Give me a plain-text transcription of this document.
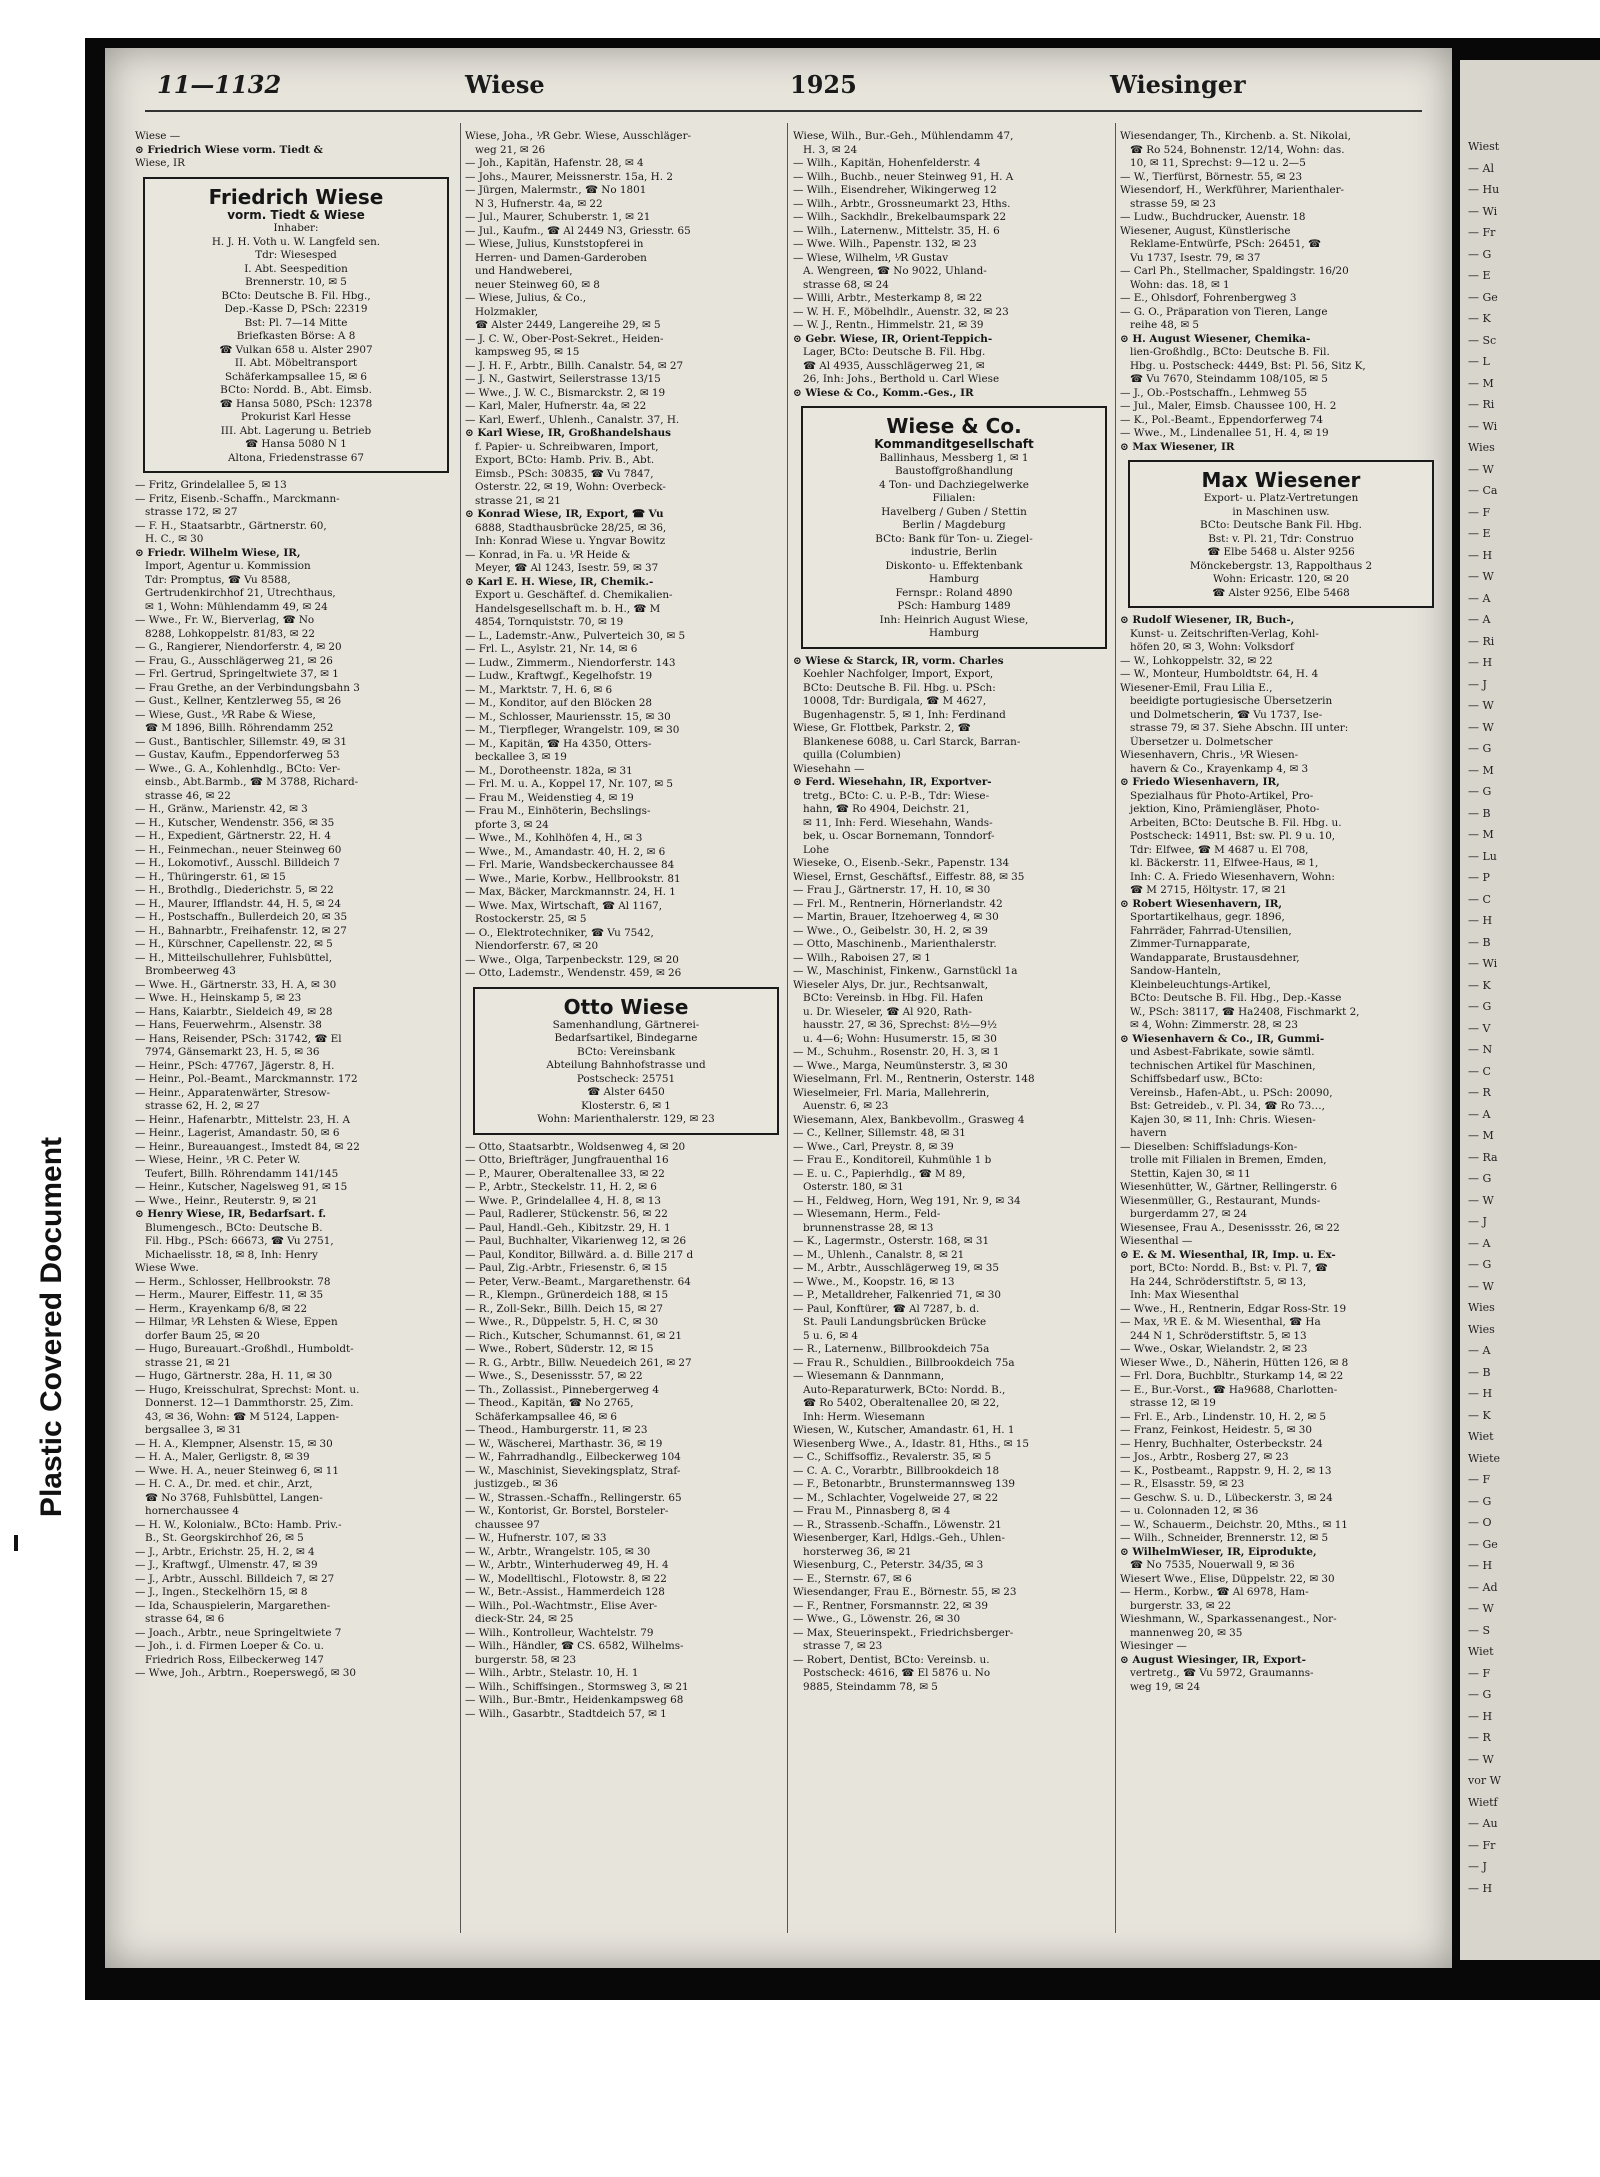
11—1132	Wiese	1925	Wiesinger
Wiese —
⊙ Friedrich Wiese vorm. Tiedt &
Wiese, IR
Friedrich Wiese
vorm. Tiedt & Wiese
Inhaber:
H. J. H. Voth u. W. Langfeld sen.
Tdr: Wiesesped
I. Abt. Seespedition
Brennerstr. 10, ✉ 5
BCto: Deutsche B. Fil. Hbg.,
Dep.-Kasse D, PSch: 22319
Bst: Pl. 7—14 Mitte
Briefkasten Börse: A 8
☎ Vulkan 658 u. Alster 2907
II. Abt. Möbeltransport
Schäferkampsallee 15, ✉ 6
BCto: Nordd. B., Abt. Eimsb.
☎ Hansa 5080, PSch: 12378
Prokurist Karl Hesse
III. Abt. Lagerung u. Betrieb
☎ Hansa 5080 N 1
Altona, Friedenstrasse 67
— Fritz, Grindelallee 5, ✉ 13
— Fritz, Eisenb.-Schaffn., Marckmann-
strasse 172, ✉ 27
— F. H., Staatsarbtr., Gärtnerstr. 60,
H. C., ✉ 30
⊙ Friedr. Wilhelm Wiese, IR,
Import, Agentur u. Kommission
Tdr: Promptus, ☎ Vu 8588,
Gertrudenkirchhof 21, Utrechthaus,
✉ 1, Wohn: Mühlendamm 49, ✉ 24
— Wwe., Fr. W., Bierverlag, ☎ No
8288, Lohkoppelstr. 81/83, ✉ 22
— G., Rangierer, Niendorferstr. 4, ✉ 20
— Frau, G., Ausschlägerweg 21, ✉ 26
— Frl. Gertrud, Springeltwiete 37, ✉ 1
— Frau Grethe, an der Verbindungsbahn 3
— Gust., Kellner, Kentzlerweg 55, ✉ 26
— Wiese, Gust., ⅟R Rabe & Wiese,
☎ M 1896, Billh. Röhrendamm 252
— Gust., Bantischler, Sillemstr. 49, ✉ 31
— Gustav, Kaufm., Eppendorferweg 53
— Wwe., G. A., Kohlenhdlg., BCto: Ver-
einsb., Abt.Barmb., ☎ M 3788, Richard-
strasse 46, ✉ 22
— H., Gränw., Marienstr. 42, ✉ 3
— H., Kutscher, Wendenstr. 356, ✉ 35
— H., Expedient, Gärtnerstr. 22, H. 4
— H., Feinmechan., neuer Steinweg 60
— H., Lokomotivf., Ausschl. Billdeich 7
— H., Thüringerstr. 61, ✉ 15
— H., Brothdlg., Diederichstr. 5, ✉ 22
— H., Maurer, Ifflandstr. 44, H. 5, ✉ 24
— H., Postschaffn., Bullerdeich 20, ✉ 35
— H., Bahnarbtr., Freihafenstr. 12, ✉ 27
— H., Kürschner, Capellenstr. 22, ✉ 5
— H., Mitteilschullehrer, Fuhlsbüttel,
Brombeerweg 43
— Wwe. H., Gärtnerstr. 33, H. A, ✉ 30
— Wwe. H., Heinskamp 5, ✉ 23
— Hans, Kaiarbtr., Sieldeich 49, ✉ 28
— Hans, Feuerwehrm., Alsenstr. 38
— Hans, Reisender, PSch: 31742, ☎ El
7974, Gänsemarkt 23, H. 5, ✉ 36
— Heinr., PSch: 47767, Jägerstr. 8, H.
— Heinr., Pol.-Beamt., Marckmannstr. 172
— Heinr., Apparatenwärter, Stresow-
strasse 62, H. 2, ✉ 27
— Heinr., Hafenarbtr., Mittelstr. 23, H. A
— Heinr., Lagerist, Amandastr. 50, ✉ 6
— Heinr., Bureauangest., Imstedt 84, ✉ 22
— Wiese, Heinr., ⅟R C. Peter W.
Teufert, Billh. Röhrendamm 141/145
— Heinr., Kutscher, Nagelsweg 91, ✉ 15
— Wwe., Heinr., Reuterstr. 9, ✉ 21
⊙ Henry Wiese, IR, Bedarfsart. f.
Blumengesch., BCto: Deutsche B.
Fil. Hbg., PSch: 66673, ☎ Vu 2751,
Michaelisstr. 18, ✉ 8, Inh: Henry
Wiese Wwe.
— Herm., Schlosser, Hellbrookstr. 78
— Herm., Maurer, Eiffestr. 11, ✉ 35
— Herm., Krayenkamp 6/8, ✉ 22
— Hilmar, ⅟R Lehsten & Wiese, Eppen
dorfer Baum 25, ✉ 20
— Hugo, Bureauart.-Großhdl., Humboldt-
strasse 21, ✉ 21
— Hugo, Gärtnerstr. 28a, H. 11, ✉ 30
— Hugo, Kreisschulrat, Sprechst: Mont. u.
Donnerst. 12—1 Dammthorstr. 25, Zim.
43, ✉ 36, Wohn: ☎ M 5124, Lappen-
bergsallee 3, ✉ 31
— H. A., Klempner, Alsenstr. 15, ✉ 30
— H. A., Maler, Gerligstr. 8, ✉ 39
— Wwe. H. A., neuer Steinweg 6, ✉ 11
— H. C. A., Dr. med. et chir., Arzt,
☎ No 3768, Fuhlsbüttel, Langen-
hornerchaussee 4
— H. W., Kolonialw., BCto: Hamb. Priv.-
B., St. Georgskirchhof 26, ✉ 5
— J., Arbtr., Erichstr. 25, H. 2, ✉ 4
— J., Kraftwgf., Ulmenstr. 47, ✉ 39
— J., Arbtr., Ausschl. Billdeich 7, ✉ 27
— J., Ingen., Steckelhörn 15, ✉ 8
— Ida, Schauspielerin, Margarethen-
strasse 64, ✉ 6
— Joach., Arbtr., neue Springeltwiete 7
— Joh., i. d. Firmen Loeper & Co. u.
Friedrich Ross, Eilbeckerweg 147
— Wwe, Joh., Arbtrn., Roeperswegő, ✉ 30
Wiese, Joha., ⅟R Gebr. Wiese, Ausschläger-
weg 21, ✉ 26
— Joh., Kapitän, Hafenstr. 28, ✉ 4
— Johs., Maurer, Meissnerstr. 15a, H. 2
— Jürgen, Malermstr., ☎ No 1801
N 3, Hufnerstr. 4a, ✉ 22
— Jul., Maurer, Schuberstr. 1, ✉ 21
— Jul., Kaufm., ☎ Al 2449 N3, Griesstr. 65
— Wiese, Julius, Kunststopferei in
Herren- und Damen-Garderoben
und Handweberei,
neuer Steinweg 60, ✉ 8
— Wiese, Julius, & Co.,
Holzmakler,
☎ Alster 2449, Langereihe 29, ✉ 5
— J. C. W., Ober-Post-Sekret., Heiden-
kampsweg 95, ✉ 15
— J. H. F., Arbtr., Billh. Canalstr. 54, ✉ 27
— J. N., Gastwirt, Seilerstrasse 13/15
— Wwe., J. W. C., Bismarckstr. 2, ✉ 19
— Karl, Maler, Hufnerstr. 4a, ✉ 22
— Karl, Ewerf., Uhlenh., Canalstr. 37, H.
⊙ Karl Wiese, IR, Großhandelshaus
f. Papier- u. Schreibwaren, Import,
Export, BCto: Hamb. Priv. B., Abt.
Eimsb., PSch: 30835, ☎ Vu 7847,
Osterstr. 22, ✉ 19, Wohn: Overbeck-
strasse 21, ✉ 21
⊙ Konrad Wiese, IR, Export, ☎ Vu
6888, Stadthausbrücke 28/25, ✉ 36,
Inh: Konrad Wiese u. Yngvar Bowitz
— Konrad, in Fa. u. ⅟R Heide &
Meyer, ☎ Al 1243, Isestr. 59, ✉ 37
⊙ Karl E. H. Wiese, IR, Chemik.-
Export u. Geschäftef. d. Chemikalien-
Handelsgesellschaft m. b. H., ☎ M
4854, Tornquiststr. 70, ✉ 19
— L., Lademstr.-Anw., Pulverteich 30, ✉ 5
— Frl. L., Asylstr. 21, Nr. 14, ✉ 6
— Ludw., Zimmerm., Niendorferstr. 143
— Ludw., Kraftwgf., Kegelhofstr. 19
— M., Marktstr. 7, H. 6, ✉ 6
— M., Konditor, auf den Blöcken 28
— M., Schlosser, Mauriensstr. 15, ✉ 30
— M., Tierpfleger, Wrangelstr. 109, ✉ 30
— M., Kapitän, ☎ Ha 4350, Otters-
beckallee 3, ✉ 19
— M., Dorotheenstr. 182a, ✉ 31
— Frl. M. u. A., Koppel 17, Nr. 107, ✉ 5
— Frau M., Weidenstieg 4, ✉ 19
— Frau M., Einhöterin, Bechslings-
pforte 3, ✉ 24
— Wwe., M., Kohlhöfen 4, H., ✉ 3
— Wwe., M., Amandastr. 40, H. 2, ✉ 6
— Frl. Marie, Wandsbeckerchaussee 84
— Wwe., Marie, Korbw., Hellbrookstr. 81
— Max, Bäcker, Marckmannstr. 24, H. 1
— Wwe. Max, Wirtschaft, ☎ Al 1167,
Rostockerstr. 25, ✉ 5
— O., Elektrotechniker, ☎ Vu 7542,
Niendorferstr. 67, ✉ 20
— Wwe., Olga, Tarpenbeckstr. 129, ✉ 20
— Otto, Lademstr., Wendenstr. 459, ✉ 26
Otto Wiese
Samenhandlung, Gärtnerei-
Bedarfsartikel, Bindegarne
BCto: Vereinsbank
Abteilung Bahnhofstrasse und
Postscheck: 25751
☎ Alster 6450
Klosterstr. 6, ✉ 1
Wohn: Marienthalerstr. 129, ✉ 23
— Otto, Staatsarbtr., Woldsenweg 4, ✉ 20
— Otto, Briefträger, Jungfrauenthal 16
— P., Maurer, Oberaltenallee 33, ✉ 22
— P., Arbtr., Steckelstr. 11, H. 2, ✉ 6
— Wwe. P., Grindelallee 4, H. 8, ✉ 13
— Paul, Radlerer, Stückenstr. 56, ✉ 22
— Paul, Handl.-Geh., Kibitzstr. 29, H. 1
— Paul, Buchhalter, Vikarienweg 12, ✉ 26
— Paul, Konditor, Billwärd. a. d. Bille 217 d
— Paul, Zig.-Arbtr., Friesenstr. 6, ✉ 15
— Peter, Verw.-Beamt., Margarethenstr. 64
— R., Klempn., Grünerdeich 188, ✉ 15
— R., Zoll-Sekr., Billh. Deich 15, ✉ 27
— Wwe., R., Düppelstr. 5, H. C, ✉ 30
— Rich., Kutscher, Schumannst. 61, ✉ 21
— Wwe., Robert, Süderstr. 12, ✉ 15
— R. G., Arbtr., Billw. Neuedeich 261, ✉ 27
— Wwe., S., Desenissstr. 57, ✉ 22
— Th., Zollassist., Pinnebergerweg 4
— Theod., Kapitän, ☎ No 2765,
Schäferkampsallee 46, ✉ 6
— Theod., Hamburgerstr. 11, ✉ 23
— W., Wäscherei, Marthastr. 36, ✉ 19
— W., Fahrradhandlg., Eilbeckerweg 104
— W., Maschinist, Sievekingsplatz, Straf-
justizgeb., ✉ 36
— W., Strassen.-Schaffn., Rellingerstr. 65
— W., Kontorist, Gr. Borstel, Borsteler-
chaussee 97
— W., Hufnerstr. 107, ✉ 33
— W., Arbtr., Wrangelstr. 105, ✉ 30
— W., Arbtr., Winterhuderweg 49, H. 4
— W., Modelltischl., Flotowstr. 8, ✉ 22
— W., Betr.-Assist., Hammerdeich 128
— Wilh., Pol.-Wachtmstr., Elise Aver-
dieck-Str. 24, ✉ 25
— Wilh., Kontrolleur, Wachtelstr. 79
— Wilh., Händler, ☎ CS. 6582, Wilhelms-
burgerstr. 58, ✉ 23
— Wilh., Arbtr., Stelastr. 10, H. 1
— Wilh., Schiffsingen., Stormsweg 3, ✉ 21
— Wilh., Bur.-Bmtr., Heidenkampsweg 68
— Wilh., Gasarbtr., Stadtdeich 57, ✉ 1
Wiese, Wilh., Bur.-Geh., Mühlendamm 47,
H. 3, ✉ 24
— Wilh., Kapitän, Hohenfelderstr. 4
— Wilh., Buchb., neuer Steinweg 91, H. A
— Wilh., Eisendreher, Wikingerweg 12
— Wilh., Arbtr., Grossneumarkt 23, Hths.
— Wilh., Sackhdlr., Brekelbaumspark 22
— Wilh., Laternenw., Mittelstr. 35, H. 6
— Wwe. Wilh., Papenstr. 132, ✉ 23
— Wiese, Wilhelm, ⅟R Gustav
A. Wengreen, ☎ No 9022, Uhland-
strasse 68, ✉ 24
— Willi, Arbtr., Mesterkamp 8, ✉ 22
— W. H. F., Möbelhdlr., Auenstr. 32, ✉ 23
— W. J., Rentn., Himmelstr. 21, ✉ 39
⊙ Gebr. Wiese, IR, Orient-Teppich-
Lager, BCto: Deutsche B. Fil. Hbg.
☎ Al 4935, Ausschlägerweg 21, ✉
26, Inh: Johs., Berthold u. Carl Wiese
⊙ Wiese & Co., Komm.-Ges., IR
Wiese & Co.
Kommanditgesellschaft
Ballinhaus, Messberg 1, ✉ 1
Baustoffgroßhandlung
4 Ton- und Dachziegelwerke
Filialen:
Havelberg / Guben / Stettin
Berlin / Magdeburg
BCto: Bank für Ton- u. Ziegel-
industrie, Berlin
Diskonto- u. Effektenbank
Hamburg
Fernspr.: Roland 4890
PSch: Hamburg 1489
Inh: Heinrich August Wiese,
Hamburg
⊙ Wiese & Starck, IR, vorm. Charles
Koehler Nachfolger, Import, Export,
BCto: Deutsche B. Fil. Hbg. u. PSch:
10008, Tdr: Burdigala, ☎ M 4627,
Bugenhagenstr. 5, ✉ 1, Inh: Ferdinand
Wiese, Gr. Flottbek, Parkstr. 2, ☎
Blankenese 6088, u. Carl Starck, Barran-
quilla (Columbien)
Wiesehahn —
⊙ Ferd. Wiesehahn, IR, Exportver-
tretg., BCto: C. u. P.-B., Tdr: Wiese-
hahn, ☎ Ro 4904, Deichstr. 21,
✉ 11, Inh: Ferd. Wiesehahn, Wands-
bek, u. Oscar Bornemann, Tonndorf-
Lohe
Wieseke, O., Eisenb.-Sekr., Papenstr. 134
Wiesel, Ernst, Geschäftsf., Eiffestr. 88, ✉ 35
— Frau J., Gärtnerstr. 17, H. 10, ✉ 30
— Frl. M., Rentnerin, Hörnerlandstr. 42
— Martin, Brauer, Itzehoerweg 4, ✉ 30
— Wwe., O., Geibelstr. 30, H. 2, ✉ 39
— Otto, Maschinenb., Marienthalerstr.
— Wilh., Raboisen 27, ✉ 1
— W., Maschinist, Finkenw., Garnstückl 1a
Wieseler Alys, Dr. jur., Rechtsanwalt,
BCto: Vereinsb. in Hbg. Fil. Hafen
u. Dr. Wieseler, ☎ Al 920, Rath-
hausstr. 27, ✉ 36, Sprechst: 8½—9½
u. 4—6; Wohn: Husumerstr. 15, ✉ 30
— M., Schuhm., Rosenstr. 20, H. 3, ✉ 1
— Wwe., Marga, Neumünsterstr. 3, ✉ 30
Wieselmann, Frl. M., Rentnerin, Osterstr. 148
Wieselmeier, Frl. Maria, Mallehrerin,
Auenstr. 6, ✉ 23
Wiesemann, Alex, Bankbevollm., Grasweg 4
— C., Kellner, Sillemstr. 48, ✉ 31
— Wwe., Carl, Preystr. 8, ✉ 39
— Frau E., Konditoreil, Kuhmühle 1 b
— E. u. C., Papierhdlg., ☎ M 89,
Osterstr. 180, ✉ 31
— H., Feldweg, Horn, Weg 191, Nr. 9, ✉ 34
— Wiesemann, Herm., Feld-
brunnenstrasse 28, ✉ 13
— K., Lagermstr., Osterstr. 168, ✉ 31
— M., Uhlenh., Canalstr. 8, ✉ 21
— M., Arbtr., Ausschlägerweg 19, ✉ 35
— Wwe., M., Koopstr. 16, ✉ 13
— P., Metalldreher, Falkenried 71, ✉ 30
— Paul, Konftürer, ☎ Al 7287, b. d.
St. Pauli Landungsbrücken Brücke
5 u. 6, ✉ 4
— R., Laternenw., Billbrookdeich 75a
— Frau R., Schuldien., Billbrookdeich 75a
— Wiesemann & Dannmann,
Auto-Reparaturwerk, BCto: Nordd. B.,
☎ Ro 5402, Oberaltenallee 20, ✉ 22,
Inh: Herm. Wiesemann
Wiesen, W., Kutscher, Amandastr. 61, H. 1
Wiesenberg Wwe., A., Idastr. 81, Hths., ✉ 15
— C., Schiffsoffiz., Revalerstr. 35, ✉ 5
— C. A. C., Vorarbtr., Billbrookdeich 18
— F., Betonarbtr., Brunstermannsweg 139
— M., Schlachter, Vogelweide 27, ✉ 22
— Frau M., Pinnasberg 8, ✉ 4
— R., Strassenb.-Schaffn., Löwenstr. 21
Wiesenberger, Karl, Hdlgs.-Geh., Uhlen-
horsterweg 36, ✉ 21
Wiesenburg, C., Peterstr. 34/35, ✉ 3
— E., Sternstr. 67, ✉ 6
Wiesendanger, Frau E., Börnestr. 55, ✉ 23
— F., Rentner, Forsmannstr. 22, ✉ 39
— Wwe., G., Löwenstr. 26, ✉ 30
— Max, Steuerinspekt., Friedrichsberger-
strasse 7, ✉ 23
— Robert, Dentist, BCto: Vereinsb. u.
Postscheck: 4616, ☎ El 5876 u. No
9885, Steindamm 78, ✉ 5
Wiesendanger, Th., Kirchenb. a. St. Nikolai,
☎ Ro 524, Bohnenstr. 12/14, Wohn: das.
10, ✉ 11, Sprechst: 9—12 u. 2—5
— W., Tierfürst, Börnestr. 55, ✉ 23
Wiesendorf, H., Werkführer, Marienthaler-
strasse 59, ✉ 23
— Ludw., Buchdrucker, Auenstr. 18
Wiesener, August, Künstlerische
Reklame-Entwürfe, PSch: 26451, ☎
Vu 1737, Isestr. 79, ✉ 37
— Carl Ph., Stellmacher, Spaldingstr. 16/20
Wohn: das. 18, ✉ 1
— E., Ohlsdorf, Fohrenbergweg 3
— G. O., Präparation von Tieren, Lange
reihe 48, ✉ 5
⊙ H. August Wiesener, Chemika-
lien-Großhdlg., BCto: Deutsche B. Fil.
Hbg. u. Postscheck: 4449, Bst: Pl. 56, Sitz K,
☎ Vu 7670, Steindamm 108/105, ✉ 5
— J., Ob.-Postschaffn., Lehmweg 55
— Jul., Maler, Eimsb. Chaussee 100, H. 2
— K., Pol.-Beamt., Eppendorferweg 74
— Wwe., M., Lindenallee 51, H. 4, ✉ 19
⊙ Max Wiesener, IR
Max Wiesener
Export- u. Platz-Vertretungen
in Maschinen usw.
BCto: Deutsche Bank Fil. Hbg.
Bst: v. Pl. 21, Tdr: Construo
☎ Elbe 5468 u. Alster 9256
Mönckebergstr. 13, Rappolthaus 2
Wohn: Ericastr. 120, ✉ 20
☎ Alster 9256, Elbe 5468
⊙ Rudolf Wiesener, IR, Buch-,
Kunst- u. Zeitschriften-Verlag, Kohl-
höfen 20, ✉ 3, Wohn: Volksdorf
— W., Lohkoppelstr. 32, ✉ 22
— W., Monteur, Humboldtstr. 64, H. 4
Wiesener-Emil, Frau Lilia E.,
beeidigte portugiesische Übersetzerin
und Dolmetscherin, ☎ Vu 1737, Ise-
strasse 79, ✉ 37. Siehe Abschn. III unter:
Übersetzer u. Dolmetscher
Wiesenhavern, Chris., ⅟R Wiesen-
havern & Co., Krayenkamp 4, ✉ 3
⊙ Friedo Wiesenhavern, IR,
Spezialhaus für Photo-Artikel, Pro-
jektion, Kino, Prämiengläser, Photo-
Arbeiten, BCto: Deutsche B. Fil. Hbg. u.
Postscheck: 14911, Bst: sw. Pl. 9 u. 10,
Tdr: Elfwee, ☎ M 4687 u. El 708,
kl. Bäckerstr. 11, Elfwee-Haus, ✉ 1,
Inh: C. A. Friedo Wiesenhavern, Wohn:
☎ M 2715, Höltystr. 17, ✉ 21
⊙ Robert Wiesenhavern, IR,
Sportartikelhaus, gegr. 1896,
Fahrräder, Fahrrad-Utensilien,
Zimmer-Turnapparate,
Wandapparate, Brustausdehner,
Sandow-Hanteln,
Kleinbeleuchtungs-Artikel,
BCto: Deutsche B. Fil. Hbg., Dep.-Kasse
W., PSch: 38117, ☎ Ha2408, Fischmarkt 2,
✉ 4, Wohn: Zimmerstr. 28, ✉ 23
⊙ Wiesenhavern & Co., IR, Gummi-
und Asbest-Fabrikate, sowie sämtl.
technischen Artikel für Maschinen,
Schiffsbedarf usw., BCto:
Vereinsb., Hafen-Abt., u. PSch: 20090,
Bst: Getreideb., v. Pl. 34, ☎ Ro 73…,
Kajen 30, ✉ 11, Inh: Chris. Wiesen-
havern
— Dieselben: Schiffsladungs-Kon-
trolle mit Filialen in Bremen, Emden,
Stettin, Kajen 30, ✉ 11
Wiesenhütter, W., Gärtner, Rellingerstr. 6
Wiesenmüller, G., Restaurant, Munds-
burgerdamm 27, ✉ 24
Wiesensee, Frau A., Desenissstr. 26, ✉ 22
Wiesenthal —
⊙ E. & M. Wiesenthal, IR, Imp. u. Ex-
port, BCto: Nordd. B., Bst: v. Pl. 7, ☎
Ha 244, Schröderstiftstr. 5, ✉ 13,
Inh: Max Wiesenthal
— Wwe., H., Rentnerin, Edgar Ross-Str. 19
— Max, ⅟R E. & M. Wiesenthal, ☎ Ha
244 N 1, Schröderstiftstr. 5, ✉ 13
— Wwe., Oskar, Wielandstr. 2, ✉ 23
Wieser Wwe., D., Näherin, Hütten 126, ✉ 8
— Frl. Dora, Buchbltr., Sturkamp 14, ✉ 22
— E., Bur.-Vorst., ☎ Ha9688, Charlotten-
strasse 12, ✉ 19
— Frl. E., Arb., Lindenstr. 10, H. 2, ✉ 5
— Franz, Feinkost, Heidestr. 5, ✉ 30
— Henry, Buchhalter, Osterbeckstr. 24
— Jos., Arbtr., Rosberg 27, ✉ 23
— K., Postbeamt., Rappstr. 9, H. 2, ✉ 13
— R., Elsasstr. 59, ✉ 23
— Geschw. S. u. D., Lübeckerstr. 3, ✉ 24
— u. Colonnaden 12, ✉ 36
— W., Schauerm., Deichstr. 20, Mths., ✉ 11
— Wilh., Schneider, Brennerstr. 12, ✉ 5
⊙ WilhelmWieser, IR, Eiprodukte,
☎ No 7535, Nouerwall 9, ✉ 36
Wiesert Wwe., Elise, Düppelstr. 22, ✉ 30
— Herm., Korbw., ☎ Al 6978, Ham-
burgerstr. 33, ✉ 22
Wieshmann, W., Sparkassenangest., Nor-
mannenweg 20, ✉ 35
Wiesinger —
⊙ August Wiesinger, IR, Export-
vertretg., ☎ Vu 5972, Graumanns-
weg 19, ✉ 24
Wiest
— Al
— Hu
— Wi
— Fr
— G
— E
— Ge
— K
— Sc
— L
— M
— Ri
— Wi
Wies
— W
— Ca
— F
— E
— H
— W
— A
— A
— Ri
— H
— J
— W
— W
— G
— M
— G
— B
— M
— Lu
— P
— C
— H
— B
— Wi
— K
— G
— V
— N
— C
— R
— A
— M
— Ra
— G
— W
— J
— A
— G
— W
Wies
Wies
— A
— B
— H
— K
Wiet
Wiete
— F
— G
— O
— Ge
— H
— Ad
— W
— S
Wiet
— F
— G
— H
— R
— W
vor W
Wietf
— Au
— Fr
— J
— H
Plastic Covered Document
